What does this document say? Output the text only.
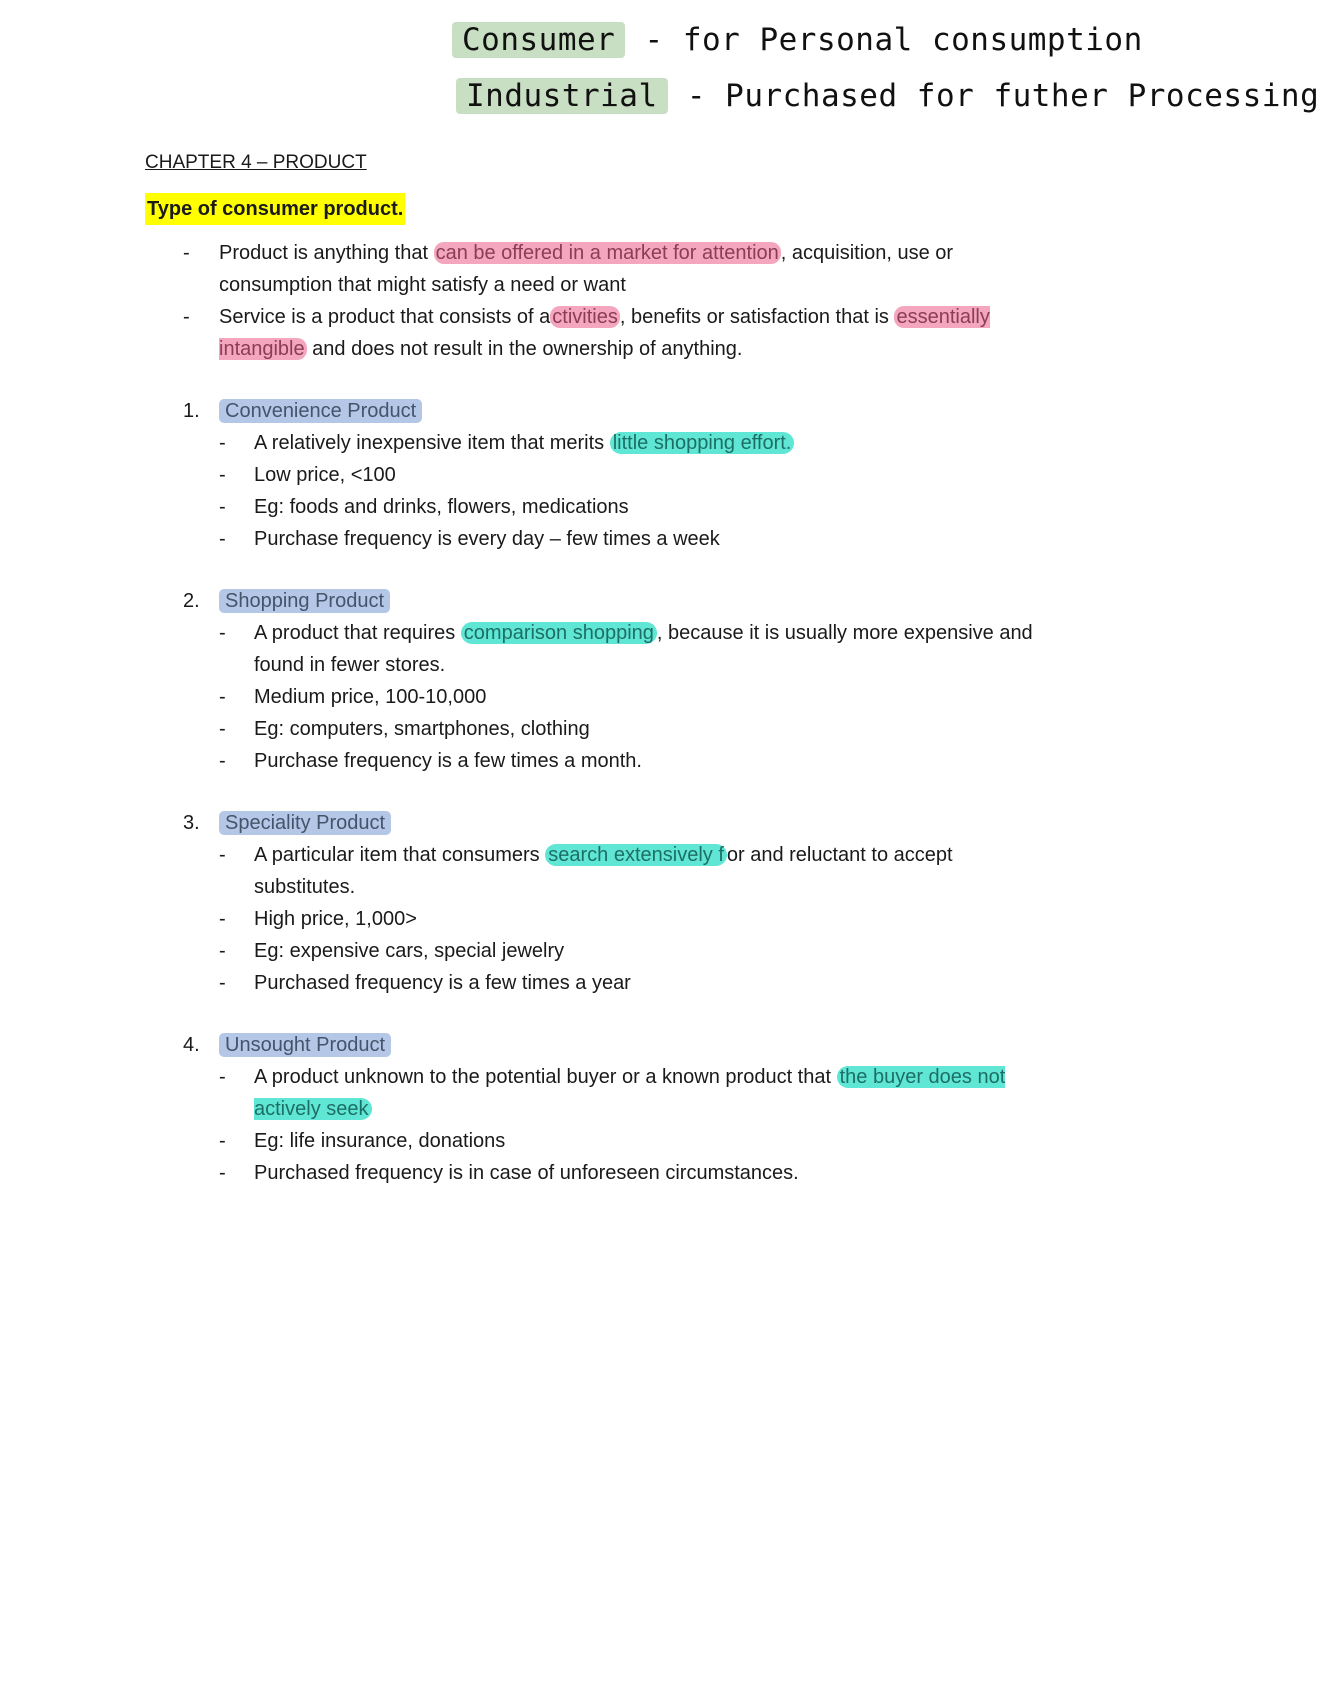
Consumer - for Personal consumption
Industrial - Purchased for futher Processing
CHAPTER 4 – PRODUCT
Type of consumer product.
- Product is anything that can be offered in a market for attention , acquisition, use or consumption that might satisfy a need or want
- Service is a product that consists of a ctivities , benefits or satisfaction that is essentially intangible and does not result in the ownership of anything.
1. Convenience Product
- A relatively inexpensive item that merits little shopping effort.
- Low price, <100
- Eg: foods and drinks, flowers, medications
- Purchase frequency is every day – few times a week
2. Shopping Product
- A product that requires comparison shopping , because it is usually more expensive and found in fewer stores.
- Medium price, 100-10,000
- Eg: computers, smartphones, clothing
- Purchase frequency is a few times a month.
3. Speciality Product
- A particular item that consumers search extensively f or and reluctant to accept substitutes.
- High price, 1,000>
- Eg: expensive cars, special jewelry
- Purchased frequency is a few times a year
4. Unsought Product
- A product unknown to the potential buyer or a known product that the buyer does not actively seek
- Eg: life insurance, donations
- Purchased frequency is in case of unforeseen circumstances.
